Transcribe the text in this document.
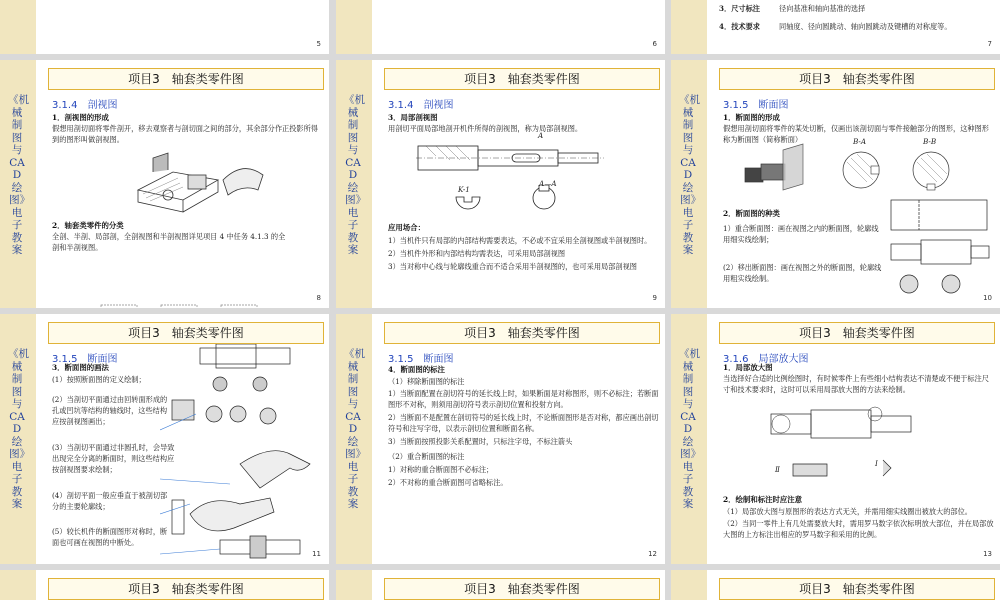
5	6
3．尺寸标注	径向基准和轴向基准的选择
4．技术要求	同轴度、径向圆跳动、轴向圆跳动及键槽的对称度等。
7
《机械制图与CAD绘图》电子教案
项目3　轴套类零件图
3.1.4　剖视图
1．剖视图的形成
假想用剖切面将零件剖开，移去观察者与剖切面之间的部分，其余部分作正投影所得到的图形叫做剖视图。
2．轴套类零件的分类
全剖、半剖、局部剖，全剖视图和半剖视图详见项目 4 中任务 4.1.3 的全剖和半剖视图。
8
《机械制图与CAD绘图》电子教案
项目3　轴套类零件图
3.1.4　剖视图
3．局部剖视图
用剖切平面局部地剖开机件所得的剖视图，称为局部剖视图。
A
K-1
A—A
应用场合：
1）当机件只有局部的内部结构需要表达，不必或不宜采用全剖视图或半剖视图时。
2）当机件外形和内部结构均需表达，可采用局部剖视图
3）当对称中心线与轮廓线重合而不适合采用半剖视图的，也可采用局部剖视图
9
《机械制图与CAD绘图》电子教案
项目3　轴套类零件图
3.1.5　断面图
1．断面图的形成
假想用剖切面将零件的某处切断，仅画出该剖切面与零件接触部分的图形，这种图形称为断面图（简称断面）	B-A	B-B
2．断面图的种类
1）重合断面图：画在视图之内的断面图，轮廓线用细实线绘制；
(2）移出断面图：画在视图之外的断面图，轮廓线用粗实线绘制。
10
《机械制图与CAD绘图》电子教案
项目3　轴套类零件图
3.1.5　断面图
3．断面图的画法
(1）按照断面图的定义绘制；
(2）当剖切平面通过由回转面形成的孔或凹坑等结构的轴线时，这些结构应按剖视图画出；
(3）当剖切平面通过非圆孔时，会导致出现完全分离的断面时，则这些结构应按剖视图要求绘制；
(4）剖切平面一般应垂直于被剖切部分的主要轮廓线；
(5）较长机件的断面图形对称时，断面也可画在视图的中断处。
11
《机械制图与CAD绘图》电子教案
项目3　轴套类零件图
3.1.5　断面图
4．断面图的标注
（1）移除断面图的标注
1）当断面配置在剖切符号的延长线上时，如果断面是对称图形，则不必标注；若断面图形不对称，则须用剖切符号表示剖切位置和投射方向。
2）当断面不是配置在剖切符号的延长线上时，不论断面图形是否对称，都应画出剖切符号和注写字母，以表示剖切位置和断面名称。
3）当断面按照投影关系配置时，只标注字母，不标注箭头
（2）重合断面图的标注
1）对称的重合断面图不必标注；
2）不对称的重合断面图可省略标注。
12
《机械制图与CAD绘图》电子教案
项目3　轴套类零件图
3.1.6　局部放大图
1．局部放大图
当选择好合适的比例绘图时，有时候零件上有些细小结构表达不清楚或不便于标注尺寸和技术要求时，这时可以采用局部放大图的方法来绘制。
Ⅱ
Ⅰ
2．绘制和标注时应注意
（1）局部放大图与原图形的表达方式无关，并需用细实线圈出被放大的部位。
（2）当同一零件上有几处需要放大时，需用罗马数字依次标明放大部位，并在局部放大图的上方标注出相应的罗马数字和采用的比例。
13
项目3　轴套类零件图	项目3　轴套类零件图	项目3　轴套类零件图
